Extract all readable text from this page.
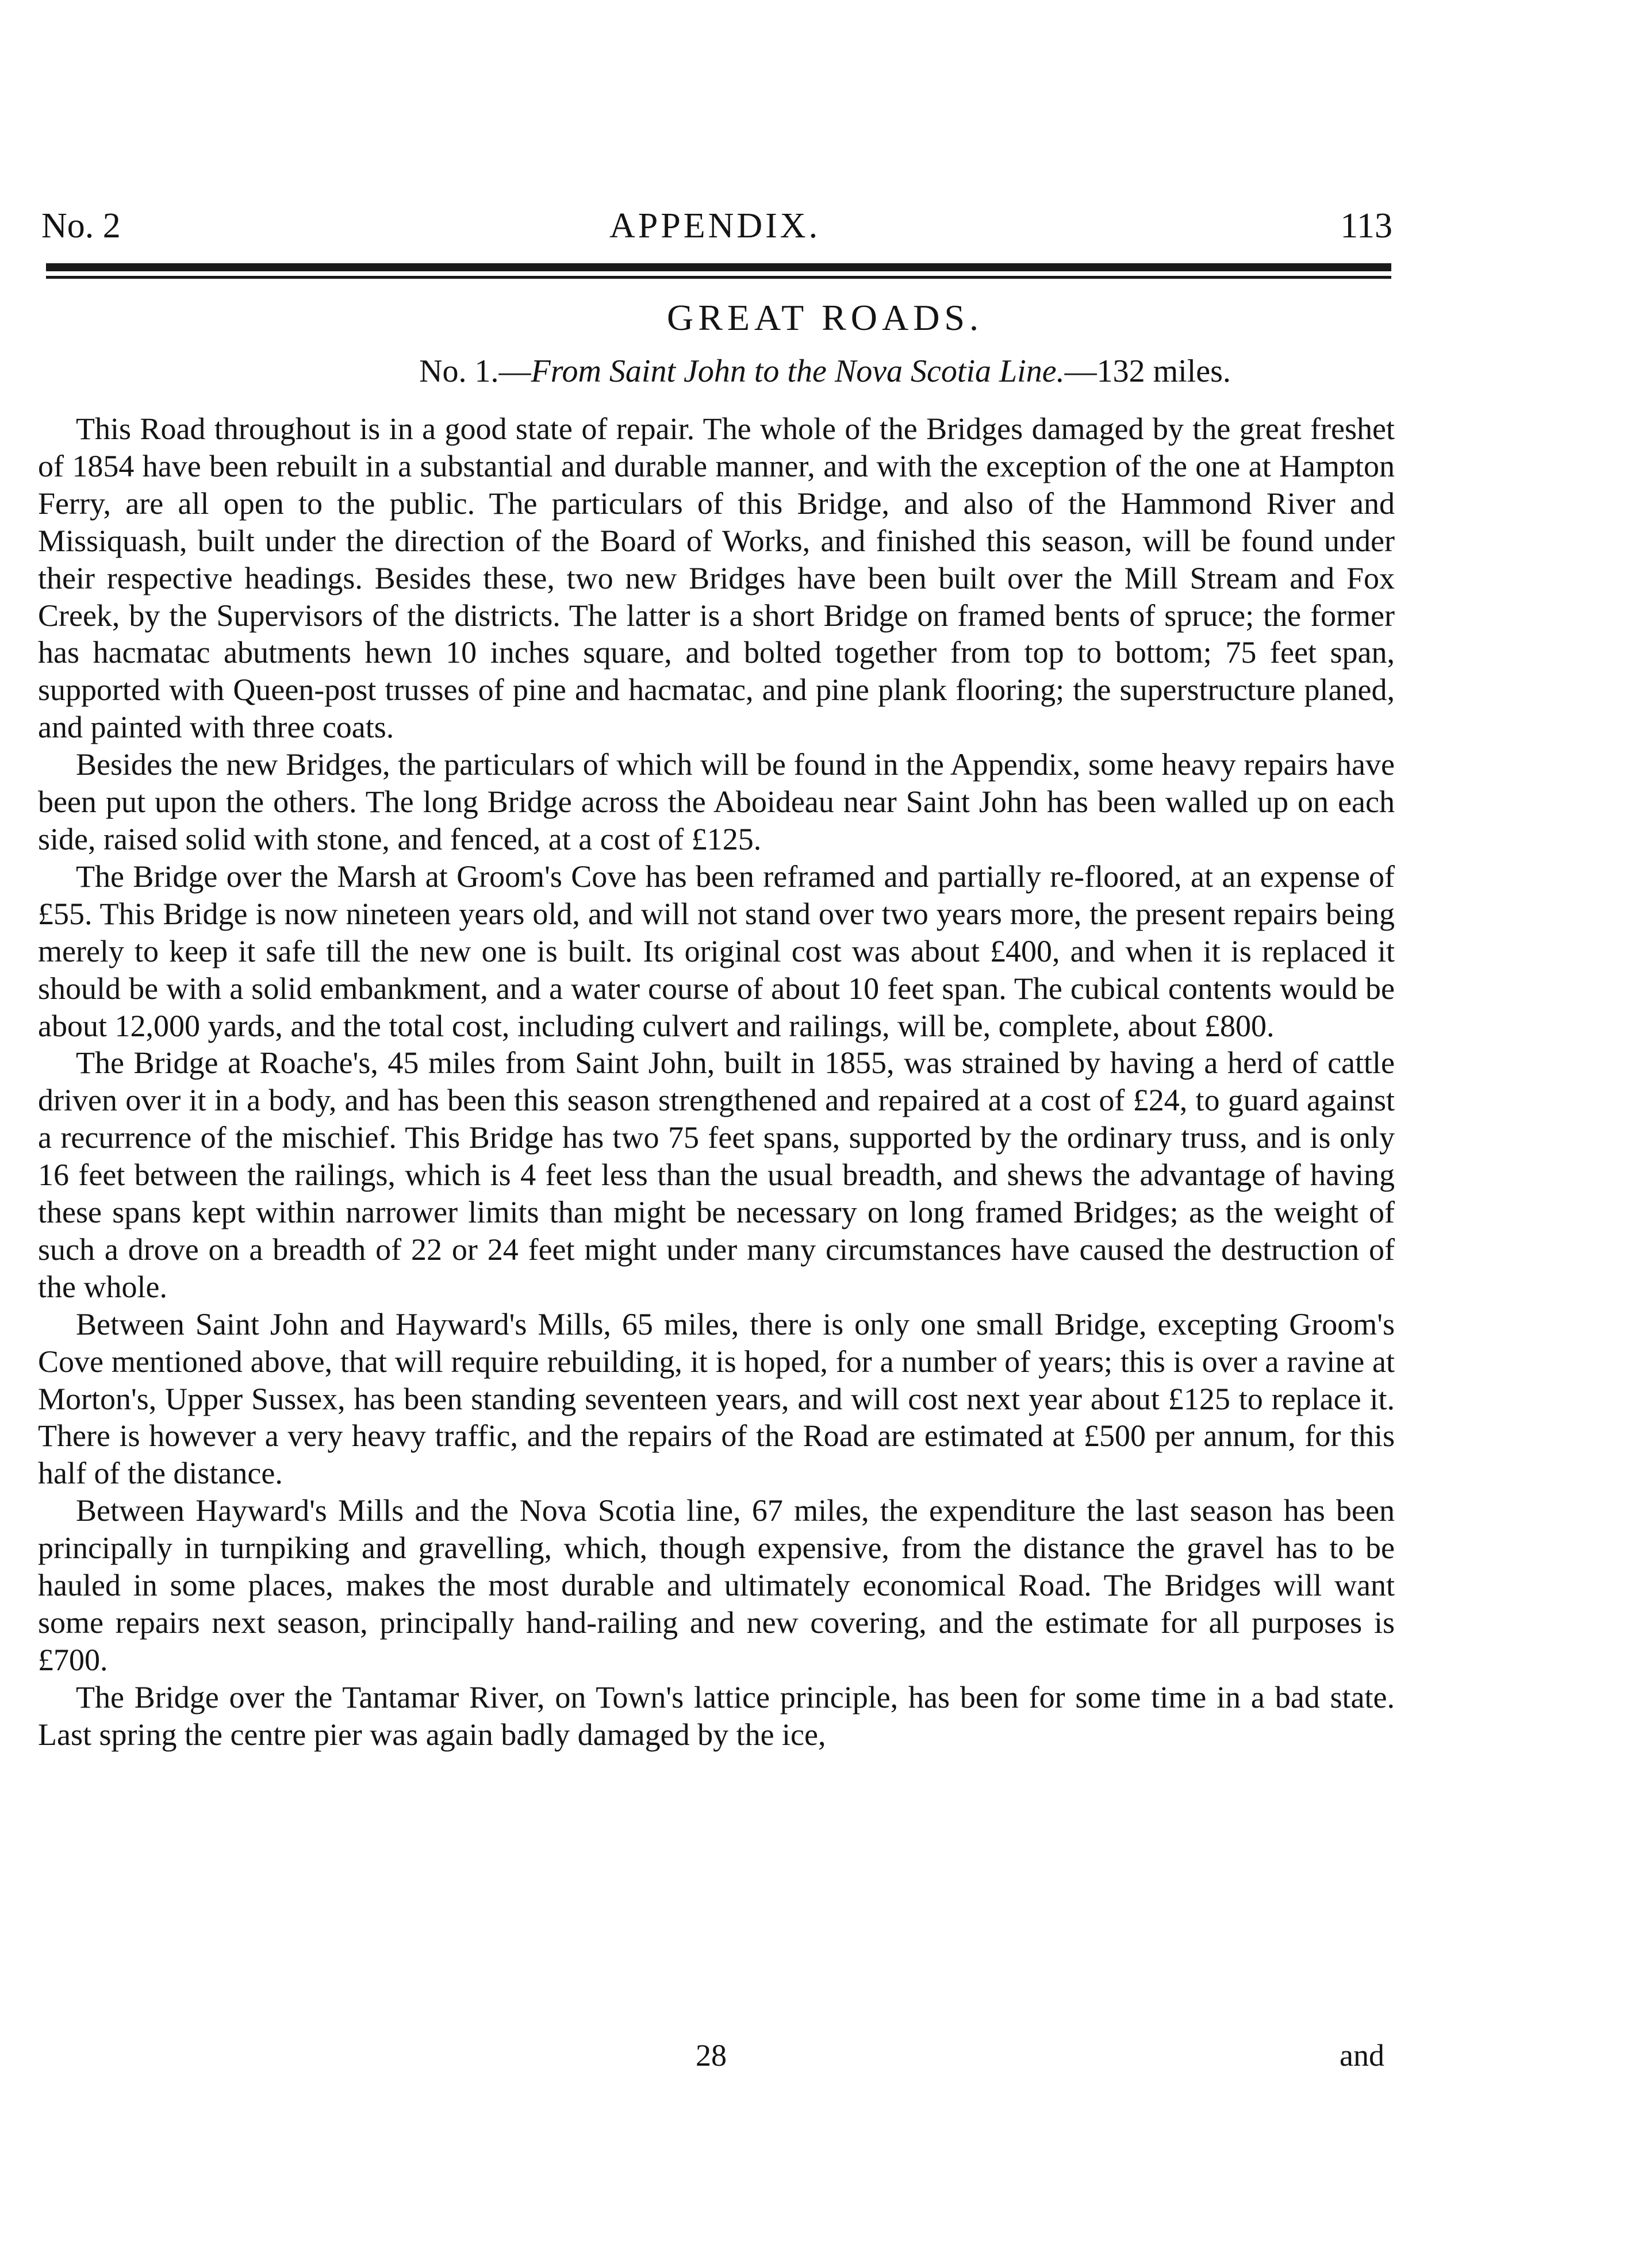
No. 2	APPENDIX.	113
GREAT ROADS.
No. 1.—From Saint John to the Nova Scotia Line.—132 miles.

This Road throughout is in a good state of repair. The whole of the Bridges damaged by the great freshet of 1854 have been rebuilt in a substantial and durable manner, and with the exception of the one at Hampton Ferry, are all open to the public. The particulars of this Bridge, and also of the Hammond River and Missiquash, built under the direction of the Board of Works, and finished this season, will be found under their respective headings. Besides these, two new Bridges have been built over the Mill Stream and Fox Creek, by the Supervisors of the districts. The latter is a short Bridge on framed bents of spruce; the former has hacmatac abutments hewn 10 inches square, and bolted together from top to bottom; 75 feet span, supported with Queen-post trusses of pine and hacmatac, and pine plank flooring; the superstructure planed, and painted with three coats.

Besides the new Bridges, the particulars of which will be found in the Appendix, some heavy repairs have been put upon the others. The long Bridge across the Aboideau near Saint John has been walled up on each side, raised solid with stone, and fenced, at a cost of £125.

The Bridge over the Marsh at Groom's Cove has been reframed and partially re-floored, at an expense of £55. This Bridge is now nineteen years old, and will not stand over two years more, the present repairs being merely to keep it safe till the new one is built. Its original cost was about £400, and when it is replaced it should be with a solid embankment, and a water course of about 10 feet span. The cubical contents would be about 12,000 yards, and the total cost, including culvert and railings, will be, complete, about £800.

The Bridge at Roache's, 45 miles from Saint John, built in 1855, was strained by having a herd of cattle driven over it in a body, and has been this season strengthened and repaired at a cost of £24, to guard against a recurrence of the mischief. This Bridge has two 75 feet spans, supported by the ordinary truss, and is only 16 feet between the railings, which is 4 feet less than the usual breadth, and shews the advantage of having these spans kept within narrower limits than might be necessary on long framed Bridges; as the weight of such a drove on a breadth of 22 or 24 feet might under many circumstances have caused the destruction of the whole.

Between Saint John and Hayward's Mills, 65 miles, there is only one small Bridge, excepting Groom's Cove mentioned above, that will require rebuilding, it is hoped, for a number of years; this is over a ravine at Morton's, Upper Sussex, has been standing seventeen years, and will cost next year about £125 to replace it. There is however a very heavy traffic, and the repairs of the Road are estimated at £500 per annum, for this half of the distance.

Between Hayward's Mills and the Nova Scotia line, 67 miles, the expenditure the last season has been principally in turnpiking and gravelling, which, though expensive, from the distance the gravel has to be hauled in some places, makes the most durable and ultimately economical Road. The Bridges will want some repairs next season, principally hand-railing and new covering, and the estimate for all purposes is £700.

The Bridge over the Tantamar River, on Town's lattice principle, has been for some time in a bad state. Last spring the centre pier was again badly damaged by the ice,

28	and
